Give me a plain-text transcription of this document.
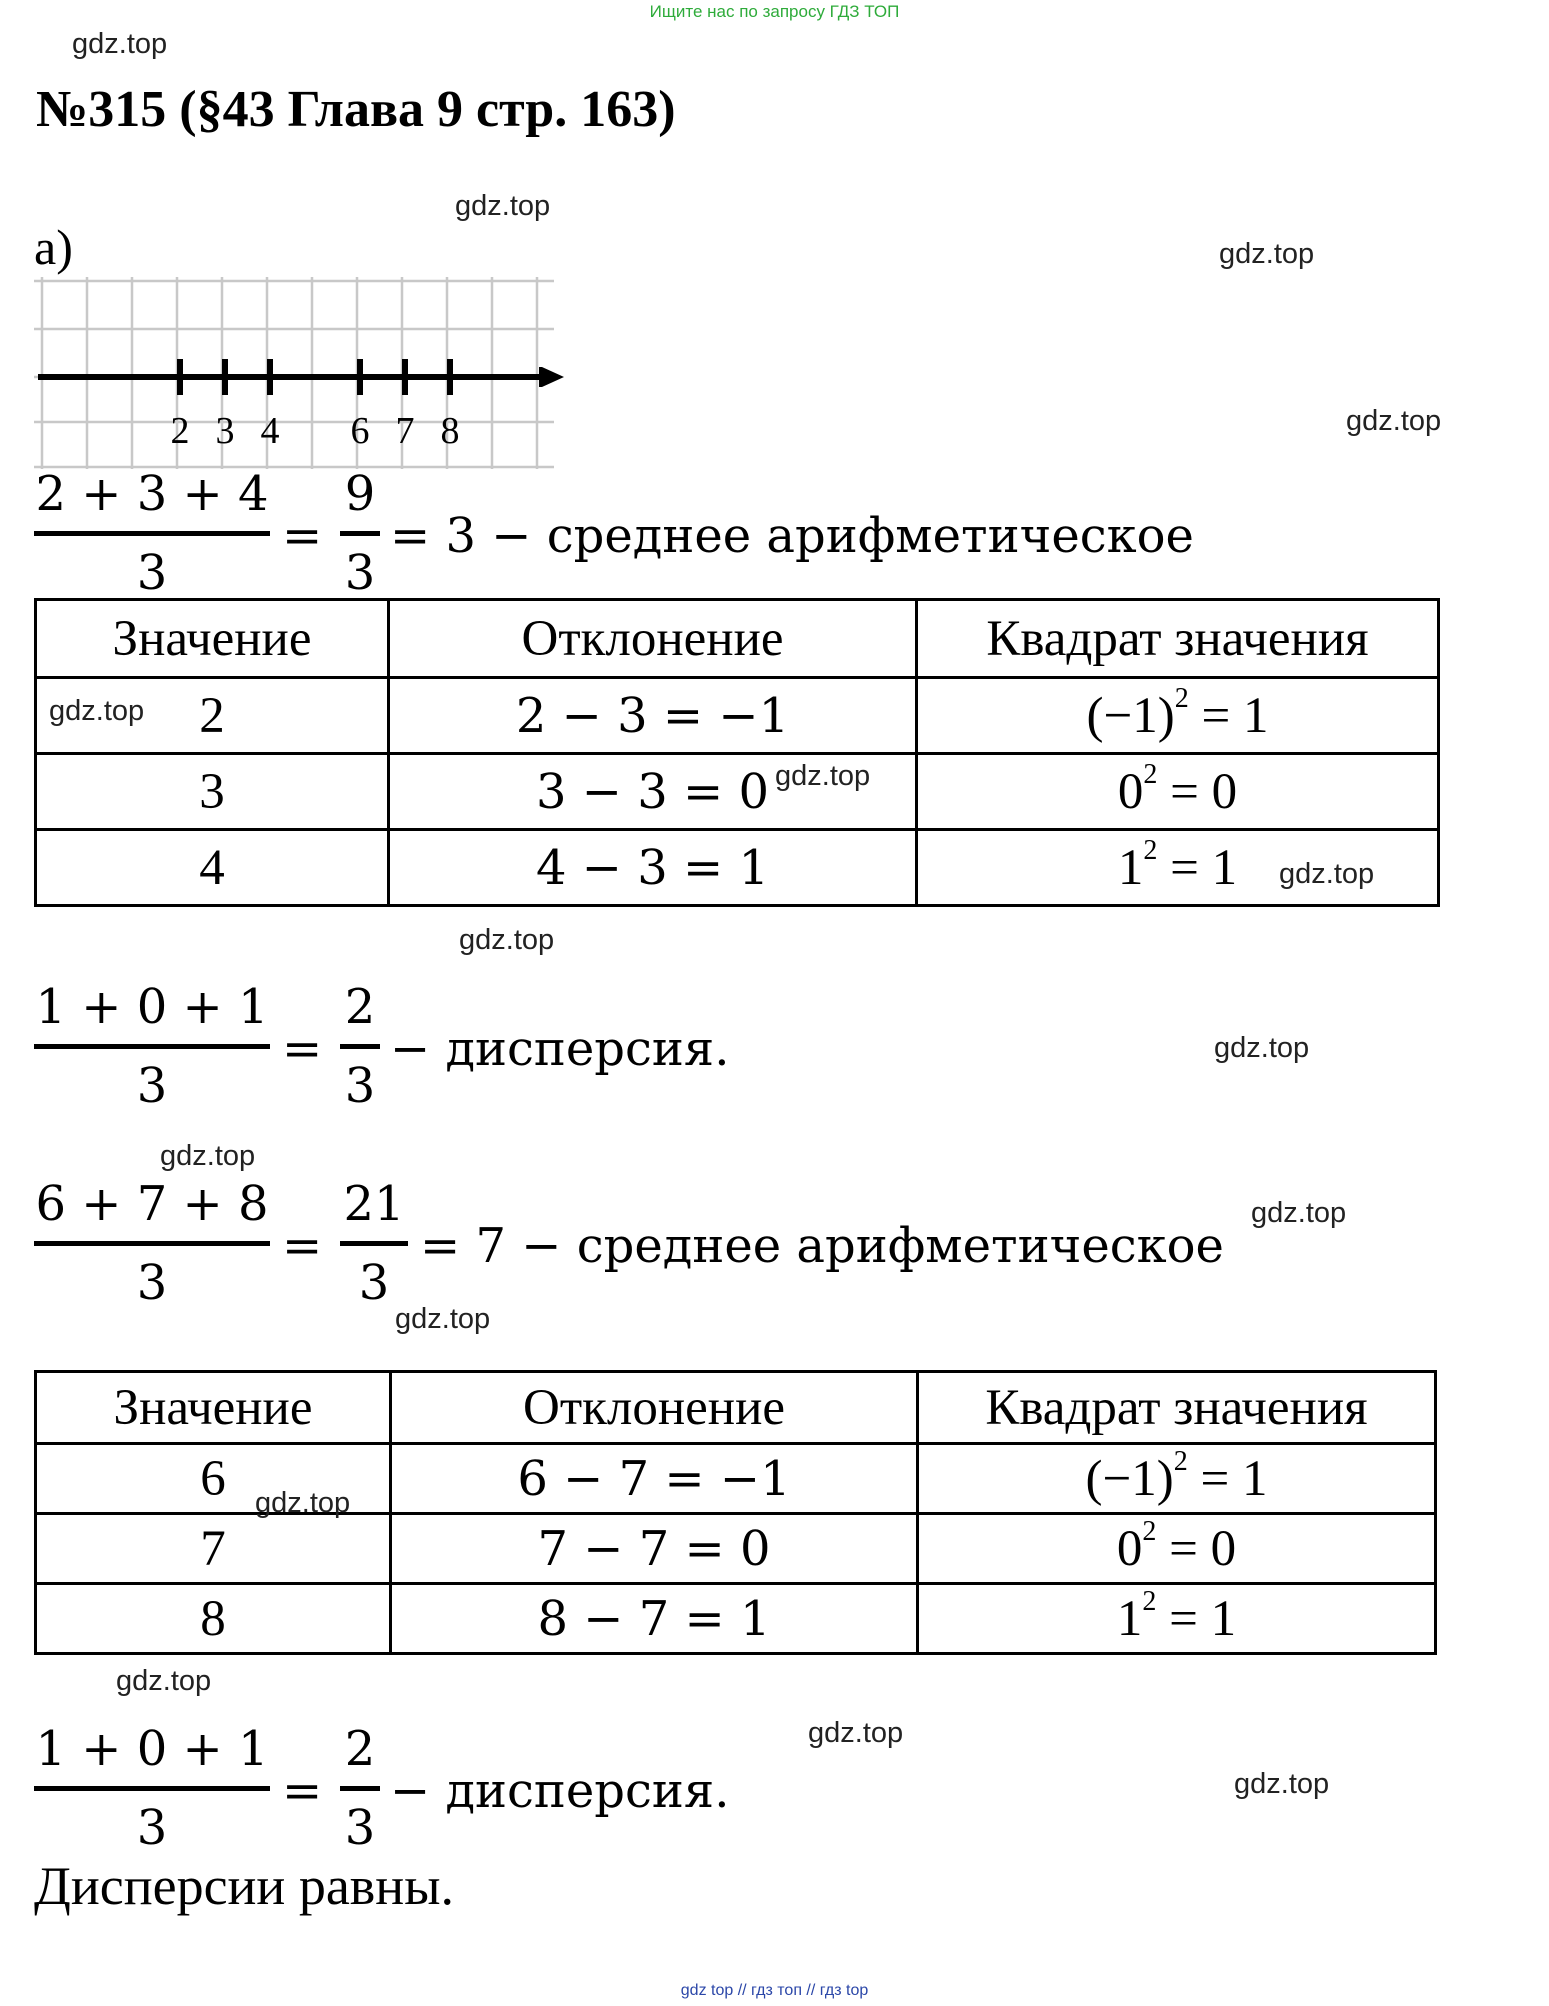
Ищите нас по запросу ГДЗ ТОП
gdz.top
gdz.top
gdz.top
gdz.top
gdz.top
gdz.top
gdz.top
gdz.top
gdz.top
gdz.top
gdz.top
gdz.top
№315 (§43 Глава 9 стр. 163)
а)
2 3 4 6 7 8
2 + 3 + 4
3
=
9
3
= 3 − среднее арифметическое
Значение	Отклонение	Квадрат значения
2	2 − 3 = −1	$(-1)^2 = 1$
3	3 − 3 = 0	$0^2 = 0$
4	4 − 3 = 1	$1^2 = 1$
gdz.top
gdz.top
gdz.top
1 + 0 + 1
3
=
2
3
− дисперсия.
6 + 7 + 8
3
=
21
3
= 7 − среднее арифметическое
Значение	Отклонение	Квадрат значения
6	6 − 7 = −1	$(-1)^2 = 1$
7	7 − 7 = 0	$0^2 = 0$
8	8 − 7 = 1	$1^2 = 1$
gdz.top
1 + 0 + 1
3
=
2
3
− дисперсия.
Дисперсии равны.
gdz top // гдз топ // гдз top
